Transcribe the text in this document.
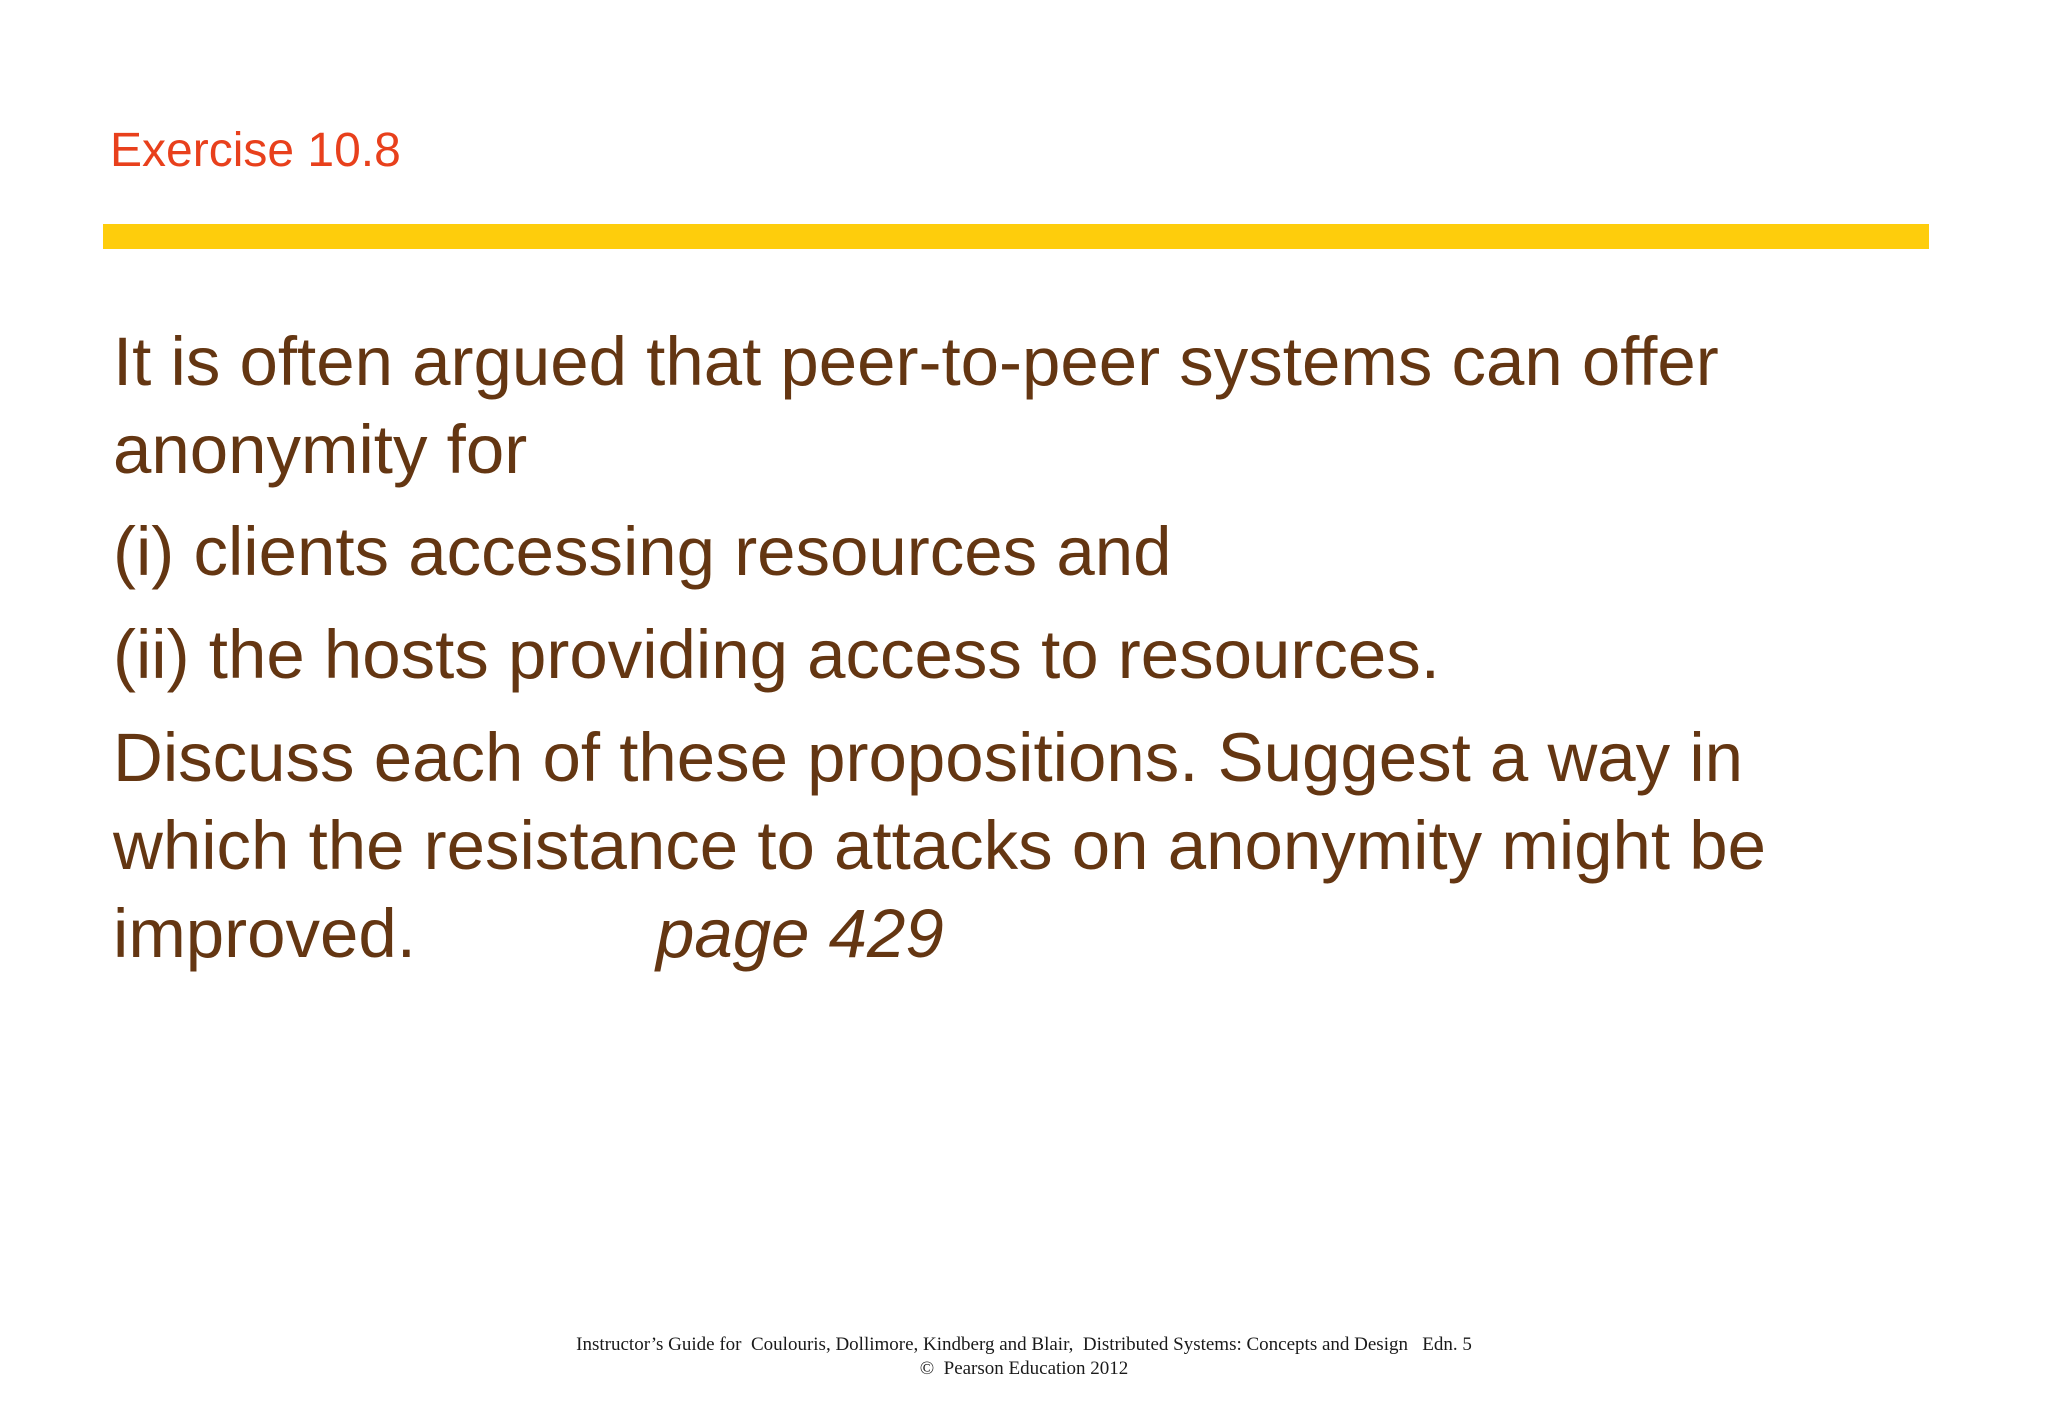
Exercise 10.8
It is often argued that peer-to-peer systems can offer
anonymity for
(i) clients accessing resources and
(ii) the hosts providing access to resources.
Discuss each of these propositions. Suggest a way in
which the resistance to attacks on anonymity might be
improved.	page 429
Instructor’s Guide for  Coulouris, Dollimore, Kindberg and Blair,  Distributed Systems: Concepts and Design   Edn. 5
©  Pearson Education 2012
